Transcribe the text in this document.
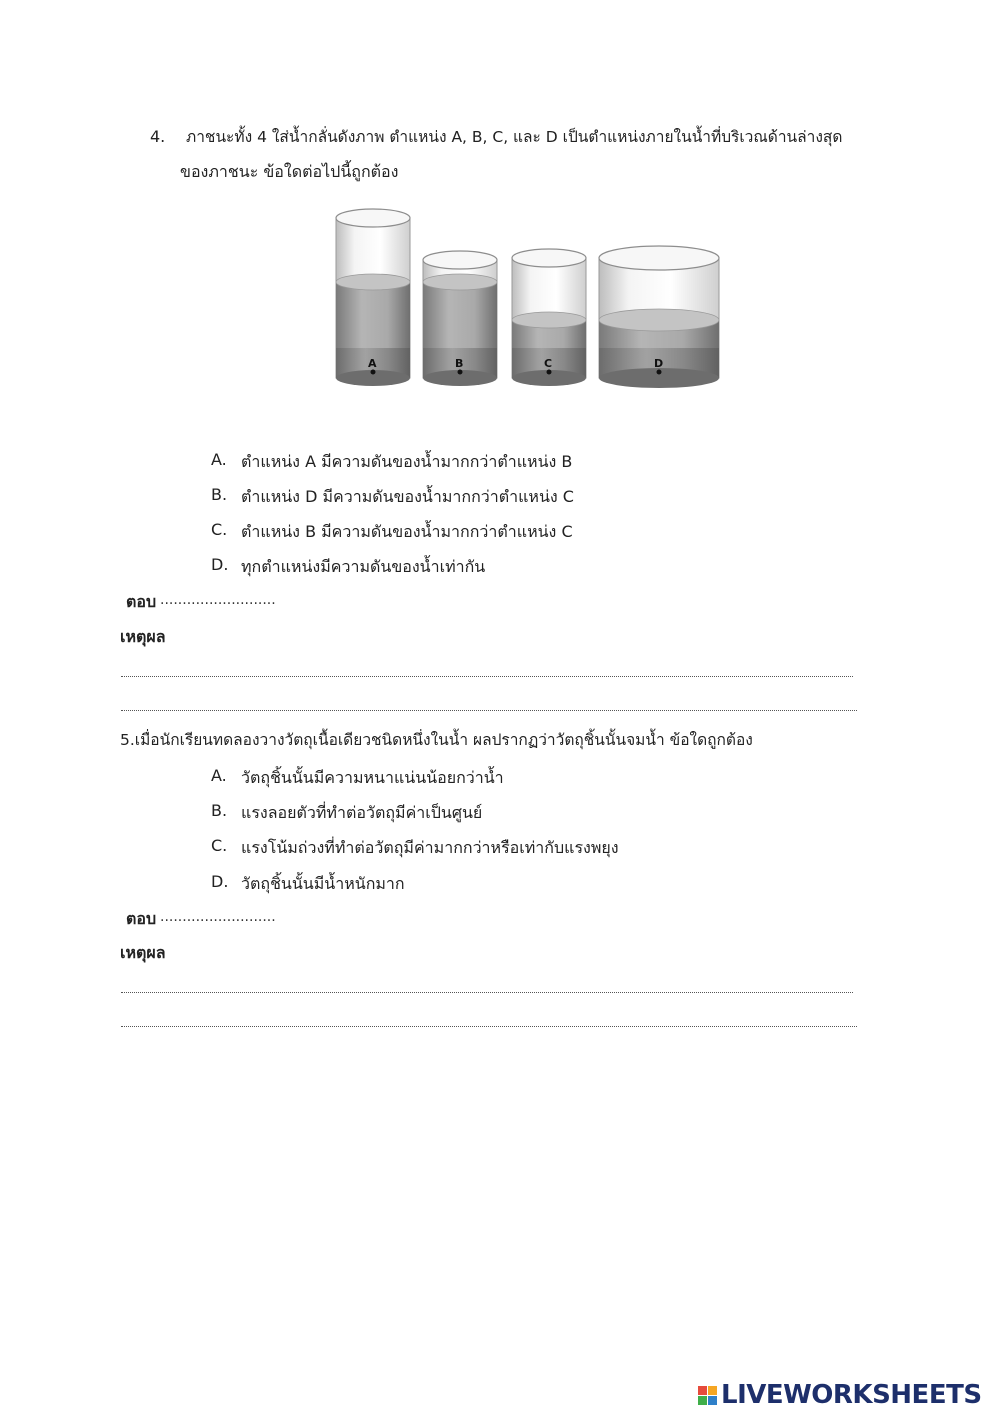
4. ภาชนะทั้ง 4 ใส่น้ำกลั่นดังภาพ ตำแหน่ง A, B, C, และ D เป็นตำแหน่งภายในน้ำที่บริเวณด้านล่างสุด
ของภาชนะ ข้อใดต่อไปนี้ถูกต้อง
A	B	C	D
A. ตำแหน่ง A มีความดันของน้ำมากกว่าตำแหน่ง B
B. ตำแหน่ง D มีความดันของน้ำมากกว่าตำแหน่ง C
C. ตำแหน่ง B มีความดันของน้ำมากกว่าตำแหน่ง C
D. ทุกตำแหน่งมีความดันของน้ำเท่ากัน
ตอบ ..........................
เหตุผล
5.เมื่อนักเรียนทดลองวางวัตถุเนื้อเดียวชนิดหนึ่งในน้ำ ผลปรากฏว่าวัตถุชิ้นนั้นจมน้ำ ข้อใดถูกต้อง
A. วัตถุชิ้นนั้นมีความหนาแน่นน้อยกว่าน้ำ
B. แรงลอยตัวที่ทำต่อวัตถุมีค่าเป็นศูนย์
C. แรงโน้มถ่วงที่ทำต่อวัตถุมีค่ามากกว่าหรือเท่ากับแรงพยุง
D. วัตถุชิ้นนั้นมีน้ำหนักมาก
ตอบ ..........................
เหตุผล
LIVEWORKSHEETS
